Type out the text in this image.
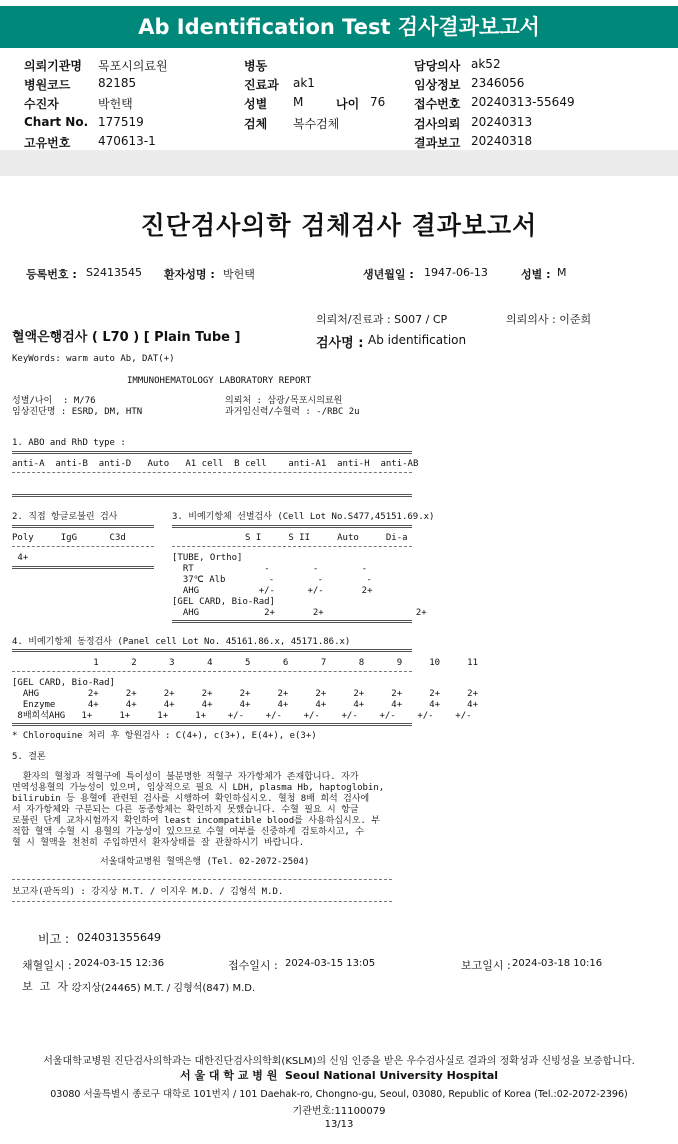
Ab Identification Test 검사결과보고서
의뢰기관명 목포시의료원
병원코드 82185
수진자	박헌택
Chart No. 177519
고유번호 470613-1
병동
진료과 ak1
성별 M	나이 76
검체 복수검체
담당의사 ak52
임상정보 2346056
접수번호 20240313-55649
검사의뢰 20240313
결과보고 20240318
진단검사의학 검체검사 결과보고서
등록번호 : S2413545 환자성명 : 박헌택	생년월일 : 1947-06-13	성별 : M
의뢰처/진료과 : S007 / CP	의뢰의사 : 이준희
혈액은행검사 ( L70 ) [ Plain Tube ]	검사명 : Ab identification
KeyWords: warm auto Ab, DAT(+)
IMMUNOHEMATOLOGY LABORATORY REPORT
성별/나이  : M/76
임상진단명 : ESRD, DM, HTN
의뢰처 : 삼광/목포시의료원
과거임신력/수혈력 : -/RBC 2u
1. ABO and RhD type :
anti-A  anti-B  anti-D   Auto   A1 cell  B cell    anti-A1  anti-H  anti-AB
2. 직접 항글로불린 검사
Poly     IgG      C3d
4+
3. 비예기항체 선별검사 (Cell Lot No.S477,45151.69.x)
S I     S II     Auto     Di-a
[TUBE, Ortho]
RT             -        -        -
37℃ Alb        -        -        -
AHG           +/-      +/-       2+
[GEL CARD, Bio-Rad]
AHG            2+       2+                 2+
4. 비예기항체 동정검사 (Panel cell Lot No. 45161.86.x, 45171.86.x)
1      2      3      4      5      6      7      8      9     10     11
[GEL CARD, Bio-Rad]
AHG         2+     2+     2+     2+     2+     2+     2+     2+     2+     2+     2+
Enzyme      4+     4+     4+     4+     4+     4+     4+     4+     4+     4+     4+
8배희석AHG   1+     1+     1+     1+    +/-    +/-    +/-    +/-    +/-    +/-    +/-
* Chloroquine 처리 후 항원검사 : C(4+), c(3+), E(4+), e(3+)
5. 결론
환자의 혈청과 적혈구에 특이성이 불분명한 적혈구 자가항체가 존재합니다. 자가
면역성용혈의 가능성이 있으며, 임상적으로 필요 시 LDH, plasma Hb, haptoglobin,
bilirubin 등 용혈에 관련된 검사를 시행하여 확인하십시오. 혈청 8배 희석 검사에
서 자가항체와 구분되는 다른 동종항체는 확인하지 못했습니다. 수혈 필요 시 항글
로불린 단계 교차시험까지 확인하여 least incompatible blood를 사용하십시오. 부
적합 혈액 수혈 시 용혈의 가능성이 있으므로 수혈 여부를 신중하게 검토하시고, 수
혈 시 혈액을 천천히 주입하면서 환자상태를 잘 관찰하시기 바랍니다.
서울대학교병원 혈액은행 (Tel. 02-2072-2504)
보고자(판독의) : 강지상 M.T. / 이지우 M.D. / 김형석 M.D.
비고 : 024031355649
채혈일시 : 2024-03-15 12:36	접수일시 : 2024-03-15 13:05	보고일시 : 2024-03-18 10:16
보  고  자 :
강지상(24465) M.T. / 김형석(847) M.D.
서울대학교병원 진단검사의학과는 대한진단검사의학회(KSLM)의 신임 인증을 받은 우수검사실로 결과의 정확성과 신빙성을 보증합니다.
서 울 대 학 교 병 원  Seoul National University Hospital
03080 서울특별시 종로구 대학로 101번지 / 101 Daehak-ro, Chongno-gu, Seoul, 03080, Republic of Korea (Tel.:02-2072-2396)
기관번호:11100079
13/13
